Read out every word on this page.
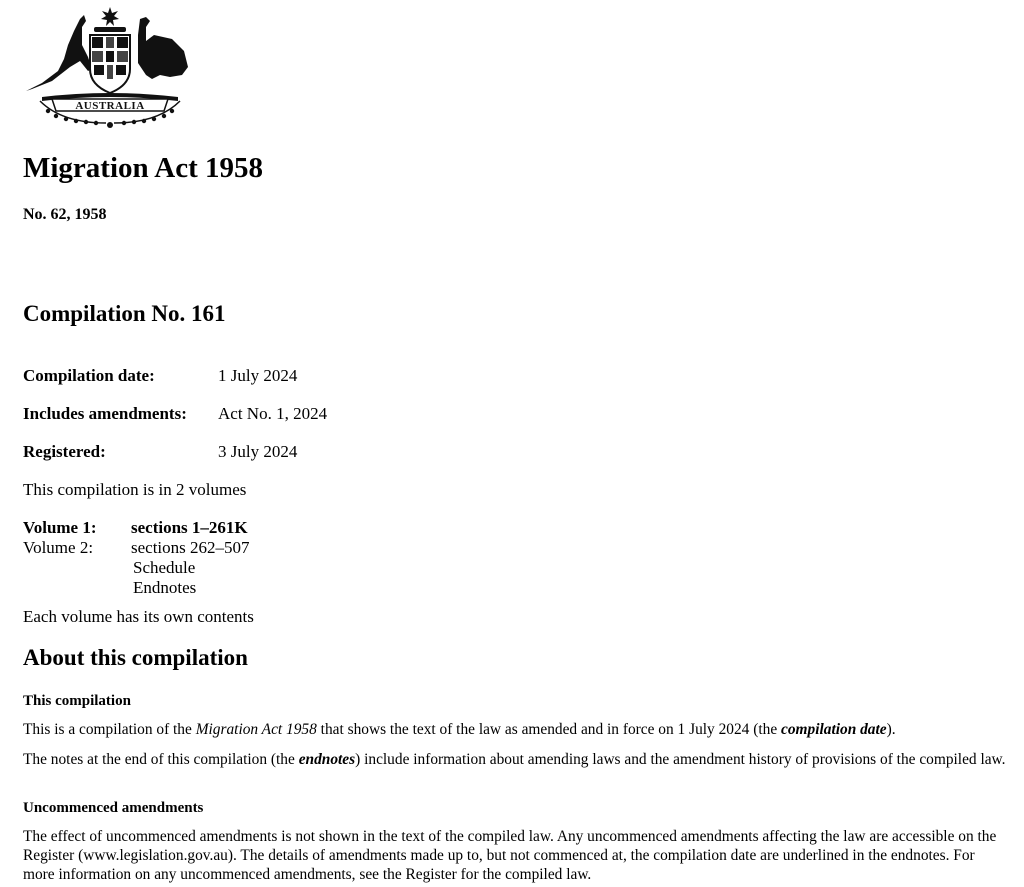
AUSTRALIA
Migration Act 1958
No. 62, 1958
Compilation No. 161
Compilation date:	1 July 2024
Includes amendments: Act No. 1, 2024
Registered:	3 July 2024
This compilation is in 2 volumes
Volume 1: sections 1–261K
Volume 2: sections 262–507
Schedule
Endnotes
Each volume has its own contents
About this compilation
This compilation
This is a compilation of the Migration Act 1958 that shows the text of the law as amended and in force on 1 July 2024 (the compilation date).
The notes at the end of this compilation (the endnotes) include information about amending laws and the amendment history of provisions of the compiled law.
Uncommenced amendments
The effect of uncommenced amendments is not shown in the text of the compiled law. Any uncommenced amendments affecting the law are accessible on the Register (www.legislation.gov.au). The details of amendments made up to, but not commenced at, the compilation date are underlined in the endnotes. For more information on any uncommenced amendments, see the Register for the compiled law.
